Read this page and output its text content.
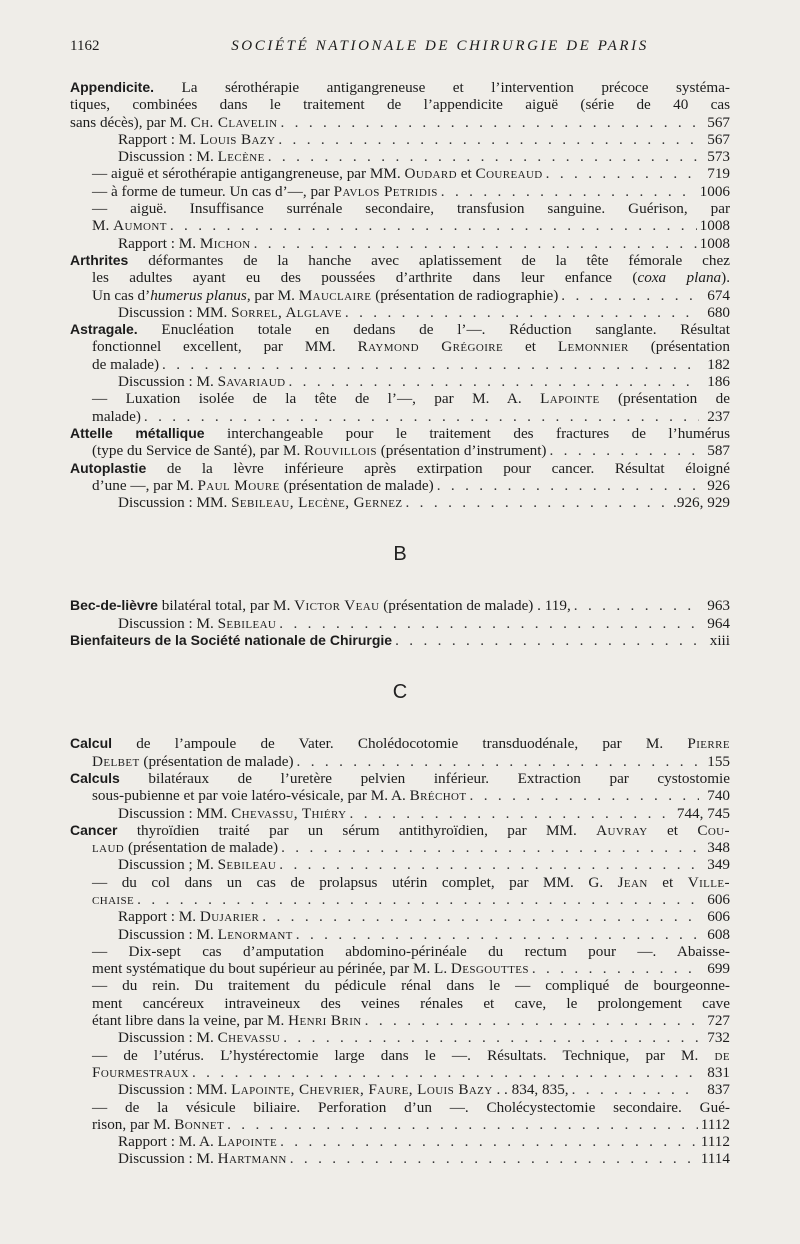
1162	SOCIÉTÉ NATIONALE DE CHIRURGIE DE PARIS
Appendicite. La sérothérapie antigangreneuse et l’intervention précoce systéma-
tiques, combinées dans le traitement de l’appendicite aiguë (série de 40 cas
sans décès), par M. Ch. Clavelin . . .	567
Rapport : M. Louis Bazy . . .	567
Discussion : M. Lecène . . .	573
— aiguë et sérothérapie antigangreneuse, par MM. Oudard et Coureaud . . .	719
— à forme de tumeur. Un cas d’—, par Pavlos Petridis . . .	1006
— aiguë. Insuffisance surrénale secondaire, transfusion sanguine. Guérison, par
M. Aumont . . .	1008
Rapport : M. Michon . . .	1008
Arthrites déformantes de la hanche avec aplatissement de la tête fémorale chez
les adultes ayant eu des poussées d’arthrite dans leur enfance (coxa plana).
Un cas d’humerus planus, par M. Mauclaire (présentation de radiographie) . . .	674
Discussion : MM. Sorrel, Alglave . . .	680
Astragale. Enucléation totale en dedans de l’—. Réduction sanglante. Résultat
fonctionnel excellent, par MM. Raymond Grégoire et Lemonnier (présentation
de malade) . . .	182
Discussion : M. Savariaud . . .	186
— Luxation isolée de la tête de l’—, par M. A. Lapointe (présentation de
malade) . . .	237
Attelle métallique interchangeable pour le traitement des fractures de l’humérus
(type du Service de Santé), par M. Rouvillois (présentation d’instrument) . . .	587
Autoplastie de la lèvre inférieure après extirpation pour cancer. Résultat éloigné
d’une —, par M. Paul Moure (présentation de malade) . . .	926
Discussion : MM. Sebileau, Lecène, Gernez . . .	.926, 929
B
Bec-de-lièvre bilatéral total, par M. Victor Veau (présentation de malade) . 119, . . .	963
Discussion : M. Sebileau . . .	964
Bienfaiteurs de la Société nationale de Chirurgie . . .	xiii
C
Calcul de l’ampoule de Vater. Cholédocotomie transduodénale, par M. Pierre
Delbet (présentation de malade) . . .	155
Calculs bilatéraux de l’uretère pelvien inférieur. Extraction par cystostomie
sous-pubienne et par voie latéro-vésicale, par M. A. Bréchot . . .	740
Discussion : MM. Chevassu, Thiéry . . .	744, 745
Cancer thyroïdien traité par un sérum antithyroïdien, par MM. Auvray et Cou-
laud (présentation de malade) . . .	348
Discussion ; M. Sebileau . . .	349
— du col dans un cas de prolapsus utérin complet, par MM. G. Jean et Ville-
chaise . . .	606
Rapport : M. Dujarier . . .	606
Discussion : M. Lenormant . . .	608
— Dix-sept cas d’amputation abdomino-périnéale du rectum pour —. Abaisse-
ment systématique du bout supérieur au périnée, par M. L. Desgouttes . . .	699
— du rein. Du traitement du pédicule rénal dans le — compliqué de bourgeonne-
ment cancéreux intraveineux des veines rénales et cave, le prolongement cave
étant libre dans la veine, par M. Henri Brin . . .	727
Discussion : M. Chevassu . . .	732
— de l’utérus. L’hystérectomie large dans le —. Résultats. Technique, par M. de
Fourmestraux . . .	831
Discussion : MM. Lapointe, Chevrier, Faure, Louis Bazy . . 834, 835, . . .	837
— de la vésicule biliaire. Perforation d’un —. Cholécystectomie secondaire. Gué-
rison, par M. Bonnet . . .	1112
Rapport : M. A. Lapointe . . .	1112
Discussion : M. Hartmann . . .	1114
